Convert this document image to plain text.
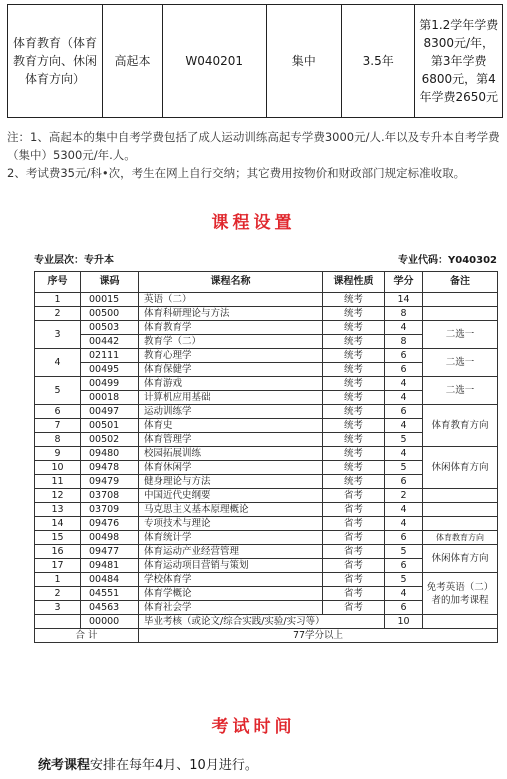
体育教育（体育教育方向、休闲体育方向）	高起本	W040201	集中	3.5年	第1.2学年学费8300元/年，第3年学费6800元，第4年学费2650元
注：1、高起本的集中自考学费包括了成人运动训练高起专学费3000元/人.年以及专升本自考学费（集中）5300元/年.人。
2、考试费35元/科•次，考生在网上自行交纳；其它费用按物价和财政部门规定标准收取。
课程设置
专业层次：专升本	专业代码：Y040302
序号	课码	课程名称	课程性质	学分	备注
1	00015	英语（二）	统考	14	
2	00500	体育科研理论与方法	统考	8	
3	00503	体育教育学	统考	4	二选一
	00442	教育学（二）	统考	8	
4	02111	教育心理学	统考	6	二选一
	00495	体育保健学	统考	6	
5	00499	体育游戏	统考	4	二选一
	00018	计算机应用基础	统考	4	
6	00497	运动训练学	统考	6	体育教育方向
7	00501	体育史	统考	4	
8	00502	体育管理学	统考	5	
9	09480	校园拓展训练	统考	4	休闲体育方向
10	09478	体育休闲学	统考	5	
11	09479	健身理论与方法	统考	6	
12	03708	中国近代史纲要	省考	2	
13	03709	马克思主义基本原理概论	省考	4	
14	09476	专项技术与理论	省考	4	
15	00498	体育统计学	省考	6	体育教育方向
16	09477	体育运动产业经营管理	省考	5	休闲体育方向
17	09481	体育运动项目营销与策划	省考	6	
1	00484	学校体育学	省考	5	免考英语（二）者的加考课程
2	04551	体育学概论	省考	4	
3	04563	体育社会学	省考	6	
	00000	毕业考核（或论文/综合实践/实验/实习等）		10	
合 计		77学分以上			
考试时间
统考课程安排在每年4月、10月进行。
